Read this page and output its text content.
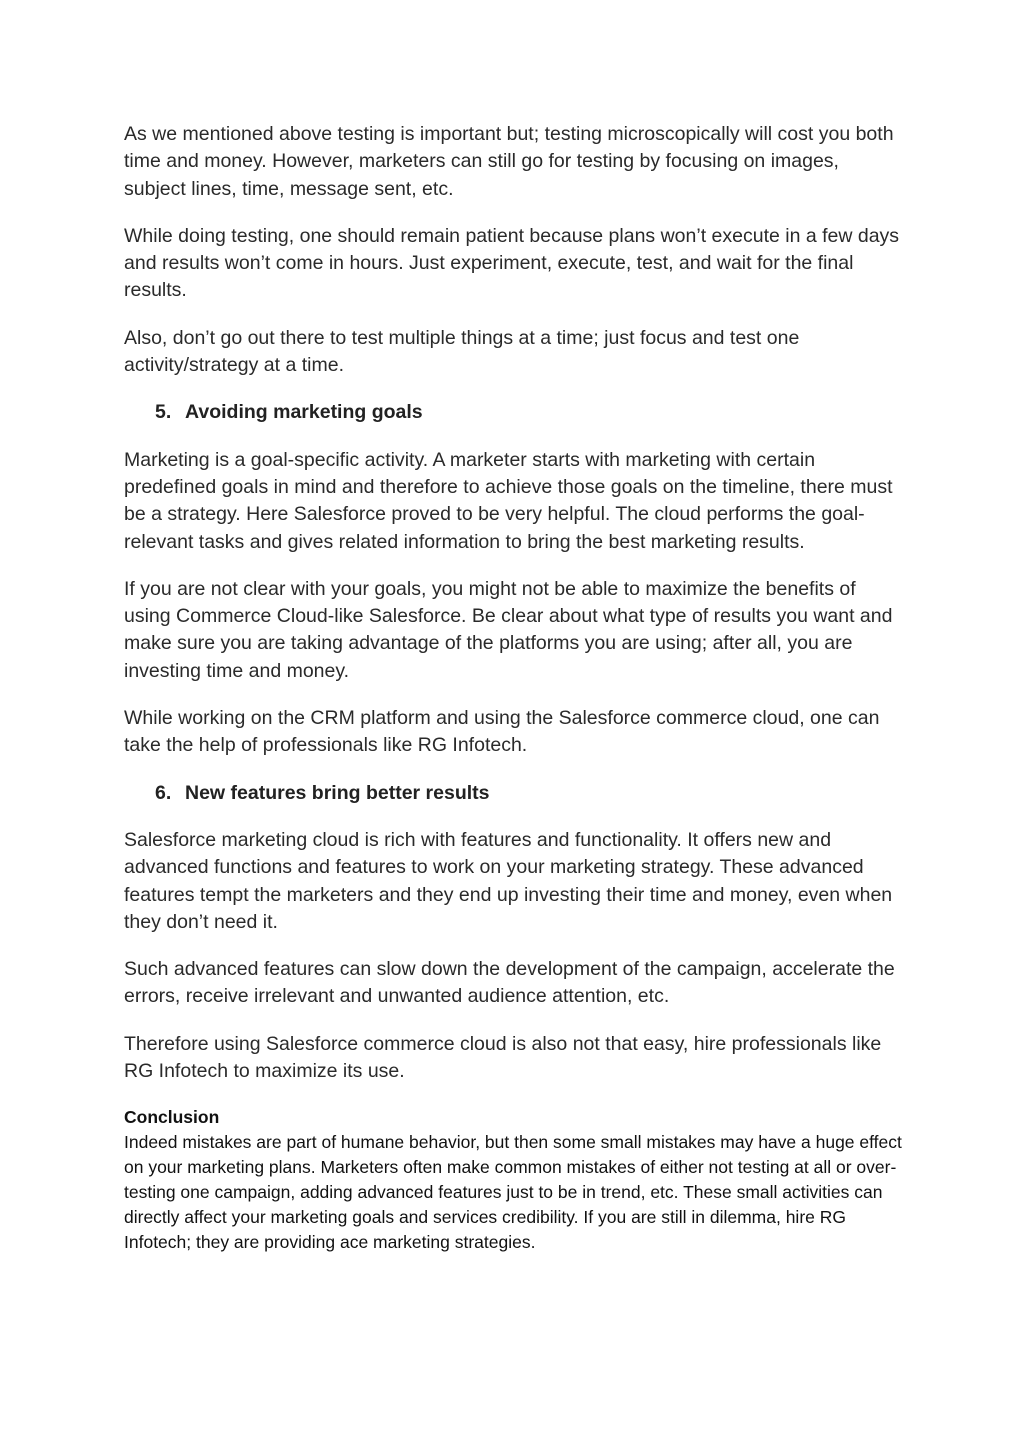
As we mentioned above testing is important but; testing microscopically will cost you both time and money. However, marketers can still go for testing by focusing on images, subject lines, time, message sent, etc.

While doing testing, one should remain patient because plans won’t execute in a few days and results won’t come in hours. Just experiment, execute, test, and wait for the final results.

Also, don’t go out there to test multiple things at a time; just focus and test one activity/strategy at a time.

5. Avoiding marketing goals

Marketing is a goal-specific activity. A marketer starts with marketing with certain predefined goals in mind and therefore to achieve those goals on the timeline, there must be a strategy. Here Salesforce proved to be very helpful. The cloud performs the goal-relevant tasks and gives related information to bring the best marketing results.

If you are not clear with your goals, you might not be able to maximize the benefits of using Commerce Cloud-like Salesforce. Be clear about what type of results you want and make sure you are taking advantage of the platforms you are using; after all, you are investing time and money.

While working on the CRM platform and using the Salesforce commerce cloud, one can take the help of professionals like RG Infotech.

6. New features bring better results

Salesforce marketing cloud is rich with features and functionality. It offers new and advanced functions and features to work on your marketing strategy. These advanced features tempt the marketers and they end up investing their time and money, even when they don’t need it.

Such advanced features can slow down the development of the campaign, accelerate the errors, receive irrelevant and unwanted audience attention, etc.

Therefore using Salesforce commerce cloud is also not that easy, hire professionals like RG Infotech to maximize its use.

Conclusion

Indeed mistakes are part of humane behavior, but then some small mistakes may have a huge effect on your marketing plans. Marketers often make common mistakes of either not testing at all or over-testing one campaign, adding advanced features just to be in trend, etc. These small activities can directly affect your marketing goals and services credibility. If you are still in dilemma, hire RG Infotech; they are providing ace marketing strategies.
